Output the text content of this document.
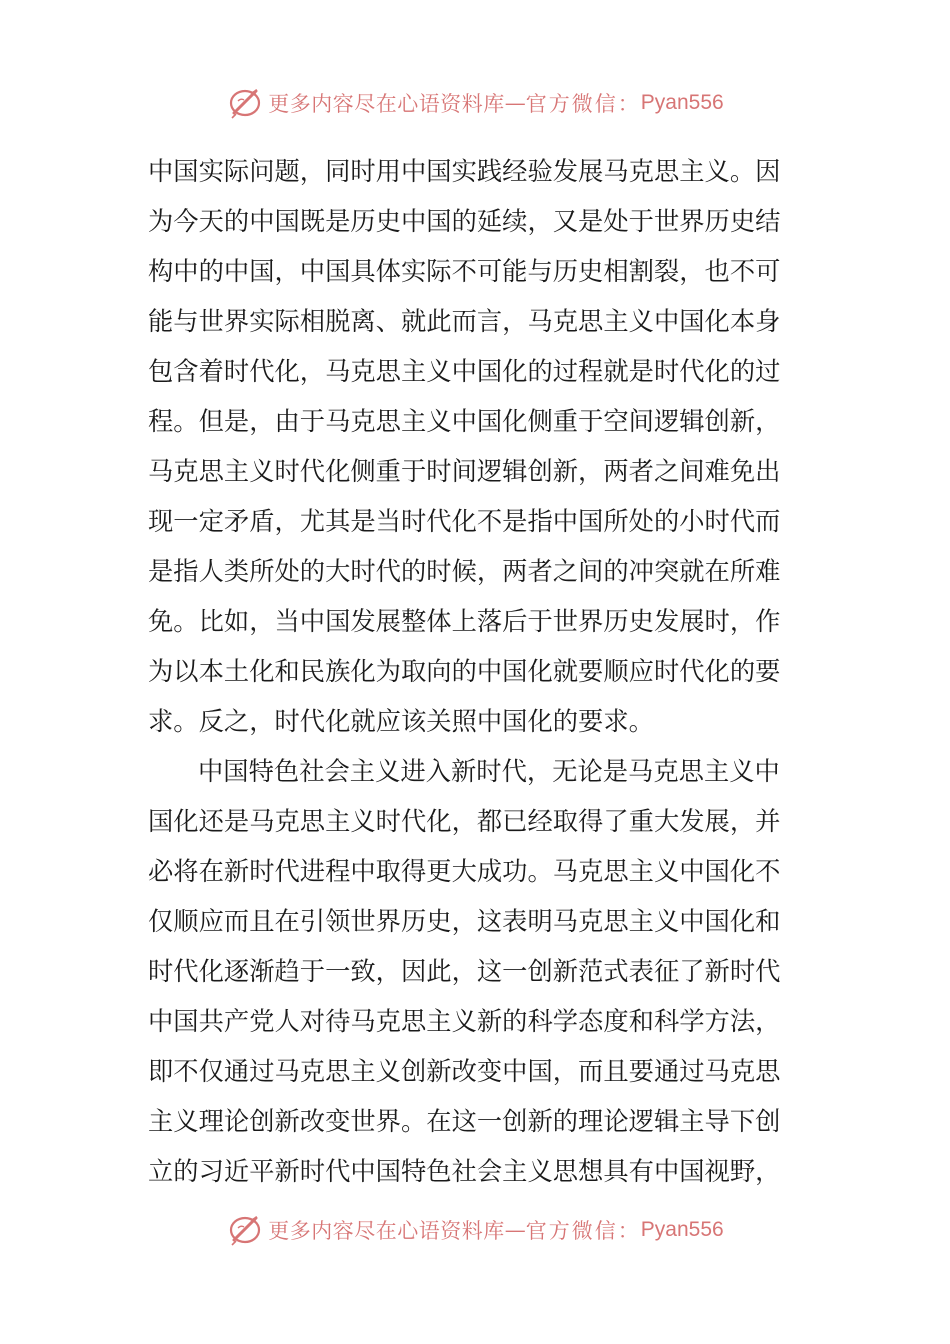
更多内容尽在心语资料库 — 官方微信： Pyan556
中国实际问题，同时用中国实践经验发展马克思主义。因
为今天的中国既是历史中国的延续，又是处于世界历史结
构中的中国，中国具体实际不可能与历史相割裂，也不可
能与世界实际相脱离、就此而言，马克思主义中国化本身
包含着时代化，马克思主义中国化的过程就是时代化的过
程。但是，由于马克思主义中国化侧重于空间逻辑创新，
马克思主义时代化侧重于时间逻辑创新，两者之间难免出
现一定矛盾，尤其是当时代化不是指中国所处的小时代而
是指人类所处的大时代的时候，两者之间的冲突就在所难
免。比如，当中国发展整体上落后于世界历史发展时，作
为以本土化和民族化为取向的中国化就要顺应时代化的要
求。反之，时代化就应该关照中国化的要求。
中国特色社会主义进入新时代，无论是马克思主义中
国化还是马克思主义时代化，都已经取得了重大发展，并
必将在新时代进程中取得更大成功。马克思主义中国化不
仅顺应而且在引领世界历史，这表明马克思主义中国化和
时代化逐渐趋于一致，因此，这一创新范式表征了新时代
中国共产党人对待马克思主义新的科学态度和科学方法，
即不仅通过马克思主义创新改变中国，而且要通过马克思
主义理论创新改变世界。在这一创新的理论逻辑主导下创
立的习近平新时代中国特色社会主义思想具有中国视野，
更多内容尽在心语资料库 — 官方微信： Pyan556
